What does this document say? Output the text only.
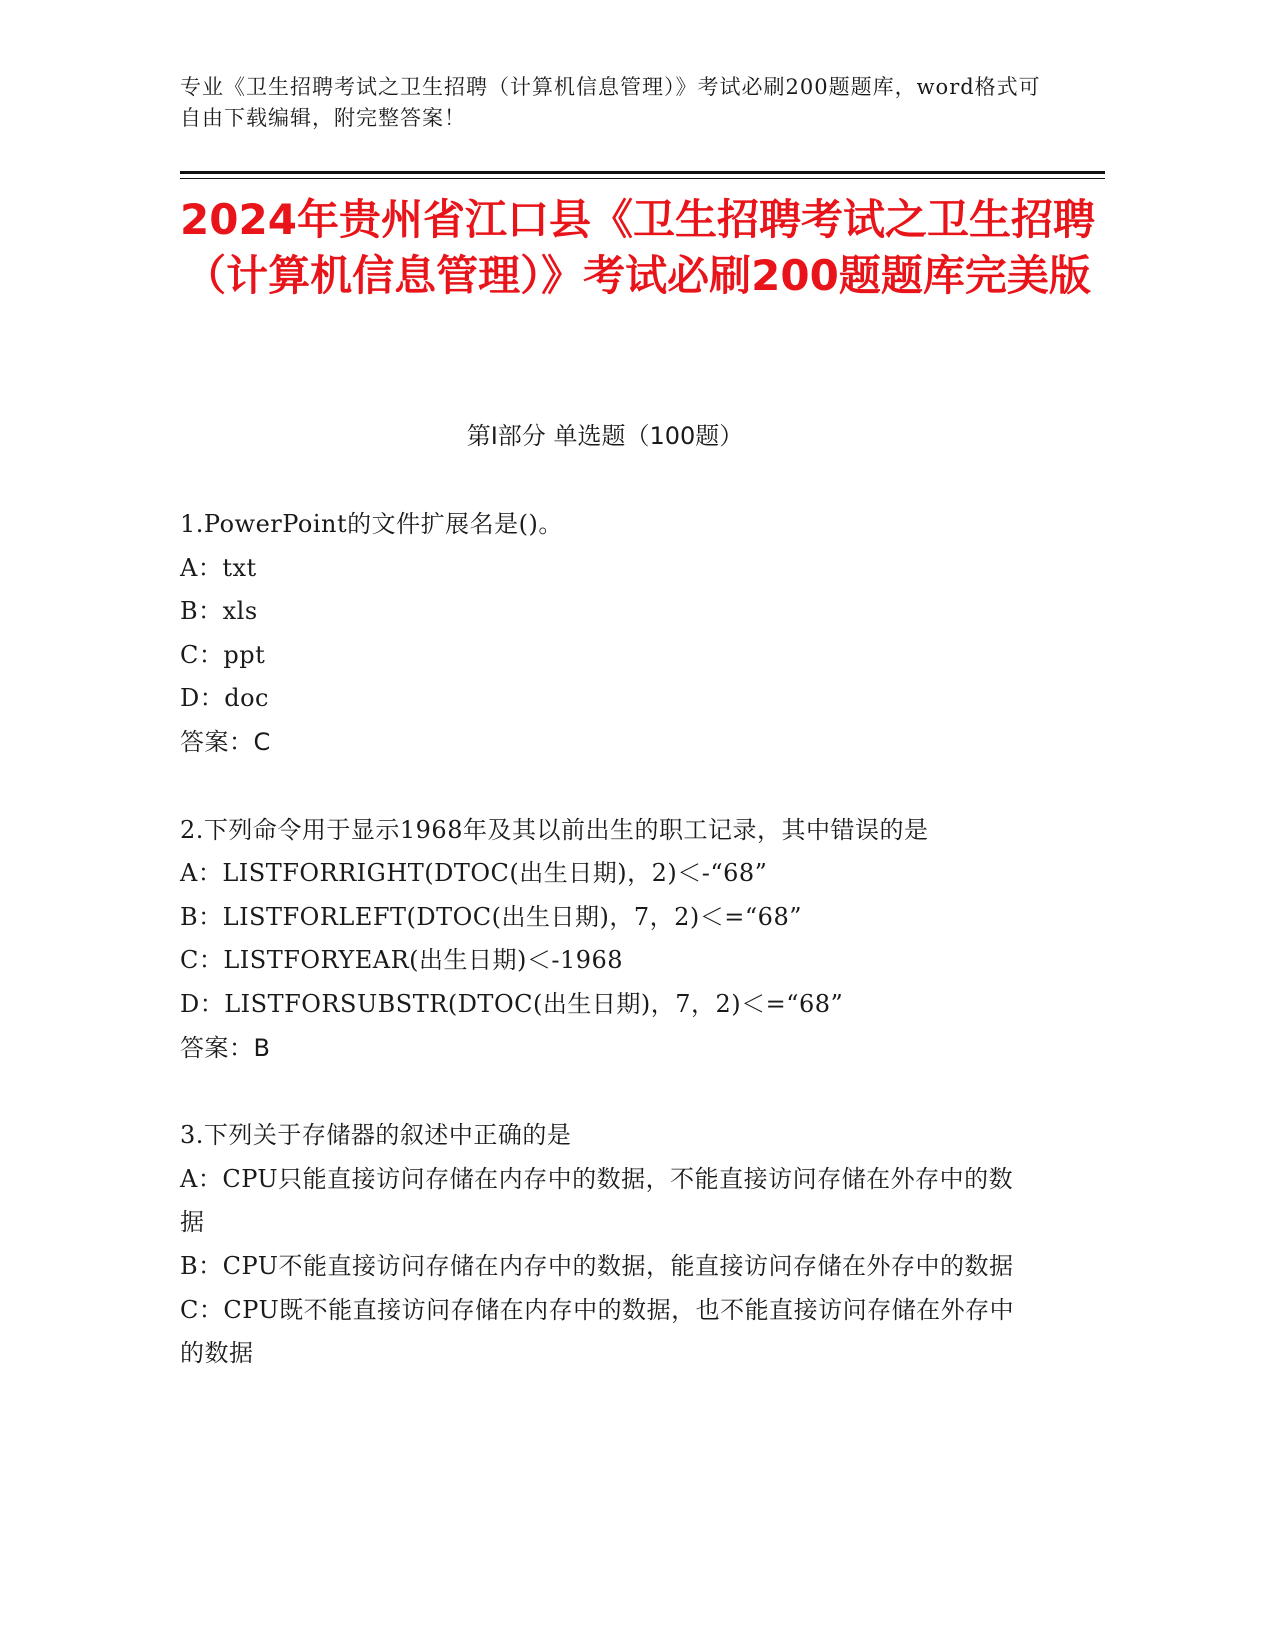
专业《卫生招聘考试之卫生招聘（计算机信息管理）》考试必刷200题题库，word格式可自由下载编辑，附完整答案！
2024年贵州省江口县《卫生招聘考试之卫生招聘（计算机信息管理）》考试必刷200题题库完美版
第Ⅰ部分 单选题（100题）

1.PowerPoint的文件扩展名是()。

A：txt

B：xls

C：ppt

D：doc

答案：C

2.下列命令用于显示1968年及其以前出生的职工记录，其中错误的是

A：LISTFORRIGHT(DTOC(出生日期)，2)＜-“68”

B：LISTFORLEFT(DTOC(出生日期)，7，2)＜=“68”

C：LISTFORYEAR(出生日期)＜-1968

D：LISTFORSUBSTR(DTOC(出生日期)，7，2)＜=“68”

答案：B

3.下列关于存储器的叙述中正确的是

A：CPU只能直接访问存储在内存中的数据，不能直接访问存储在外存中的数据

B：CPU不能直接访问存储在内存中的数据，能直接访问存储在外存中的数据

C：CPU既不能直接访问存储在内存中的数据，也不能直接访问存储在外存中的数据
